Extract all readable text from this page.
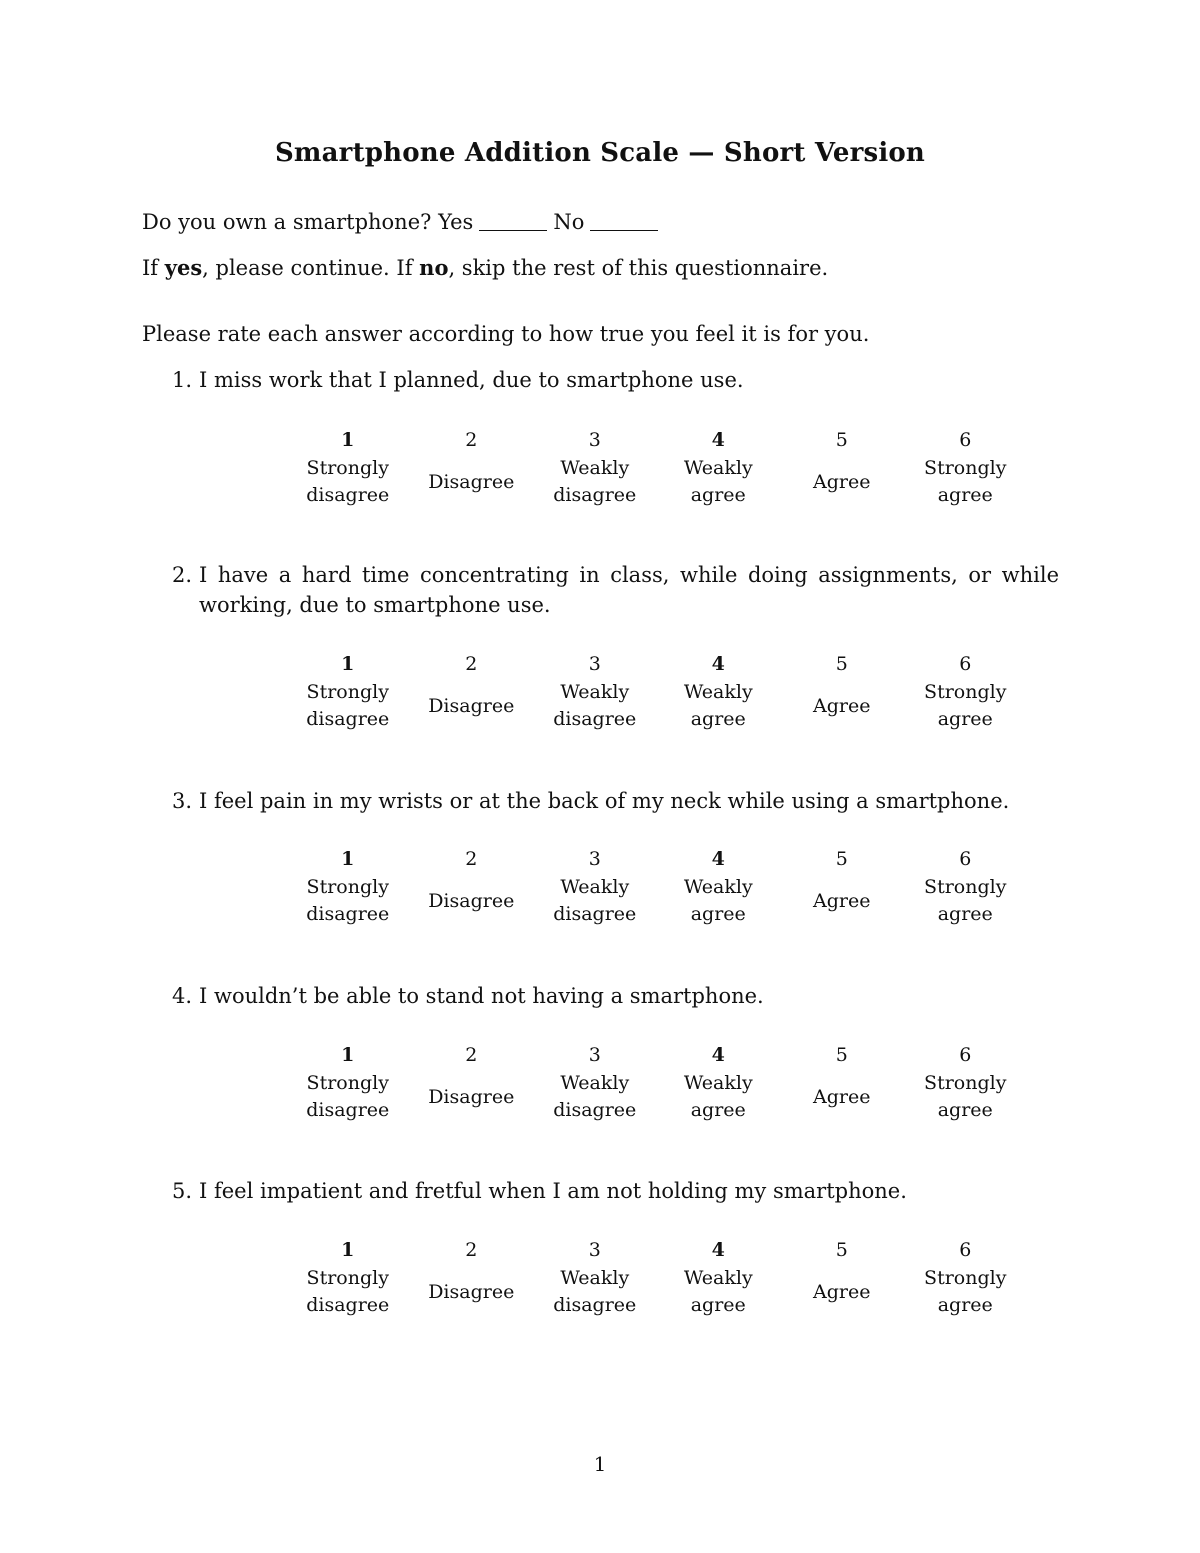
Smartphone Addition Scale — Short Version
Do you own a smartphone? Yes	No
If yes, please continue. If no, skip the rest of this questionnaire.
Please rate each answer according to how true you feel it is for you.
1. I miss work that I planned, due to smartphone use.
1
Strongly
disagree
2
Disagree
3
Weakly
disagree
4
Weakly
agree
5
Agree
6
Strongly
agree
2. I have a hard time concentrating in class, while doing assignments, or while working, due to smartphone use.
1
Strongly
disagree
2
Disagree
3
Weakly
disagree
4
Weakly
agree
5
Agree
6
Strongly
agree
3. I feel pain in my wrists or at the back of my neck while using a smartphone.
1
Strongly
disagree
2
Disagree
3
Weakly
disagree
4
Weakly
agree
5
Agree
6
Strongly
agree
4. I wouldn’t be able to stand not having a smartphone.
1
Strongly
disagree
2
Disagree
3
Weakly
disagree
4
Weakly
agree
5
Agree
6
Strongly
agree
5. I feel impatient and fretful when I am not holding my smartphone.
1
Strongly
disagree
2
Disagree
3
Weakly
disagree
4
Weakly
agree
5
Agree
6
Strongly
agree
1
